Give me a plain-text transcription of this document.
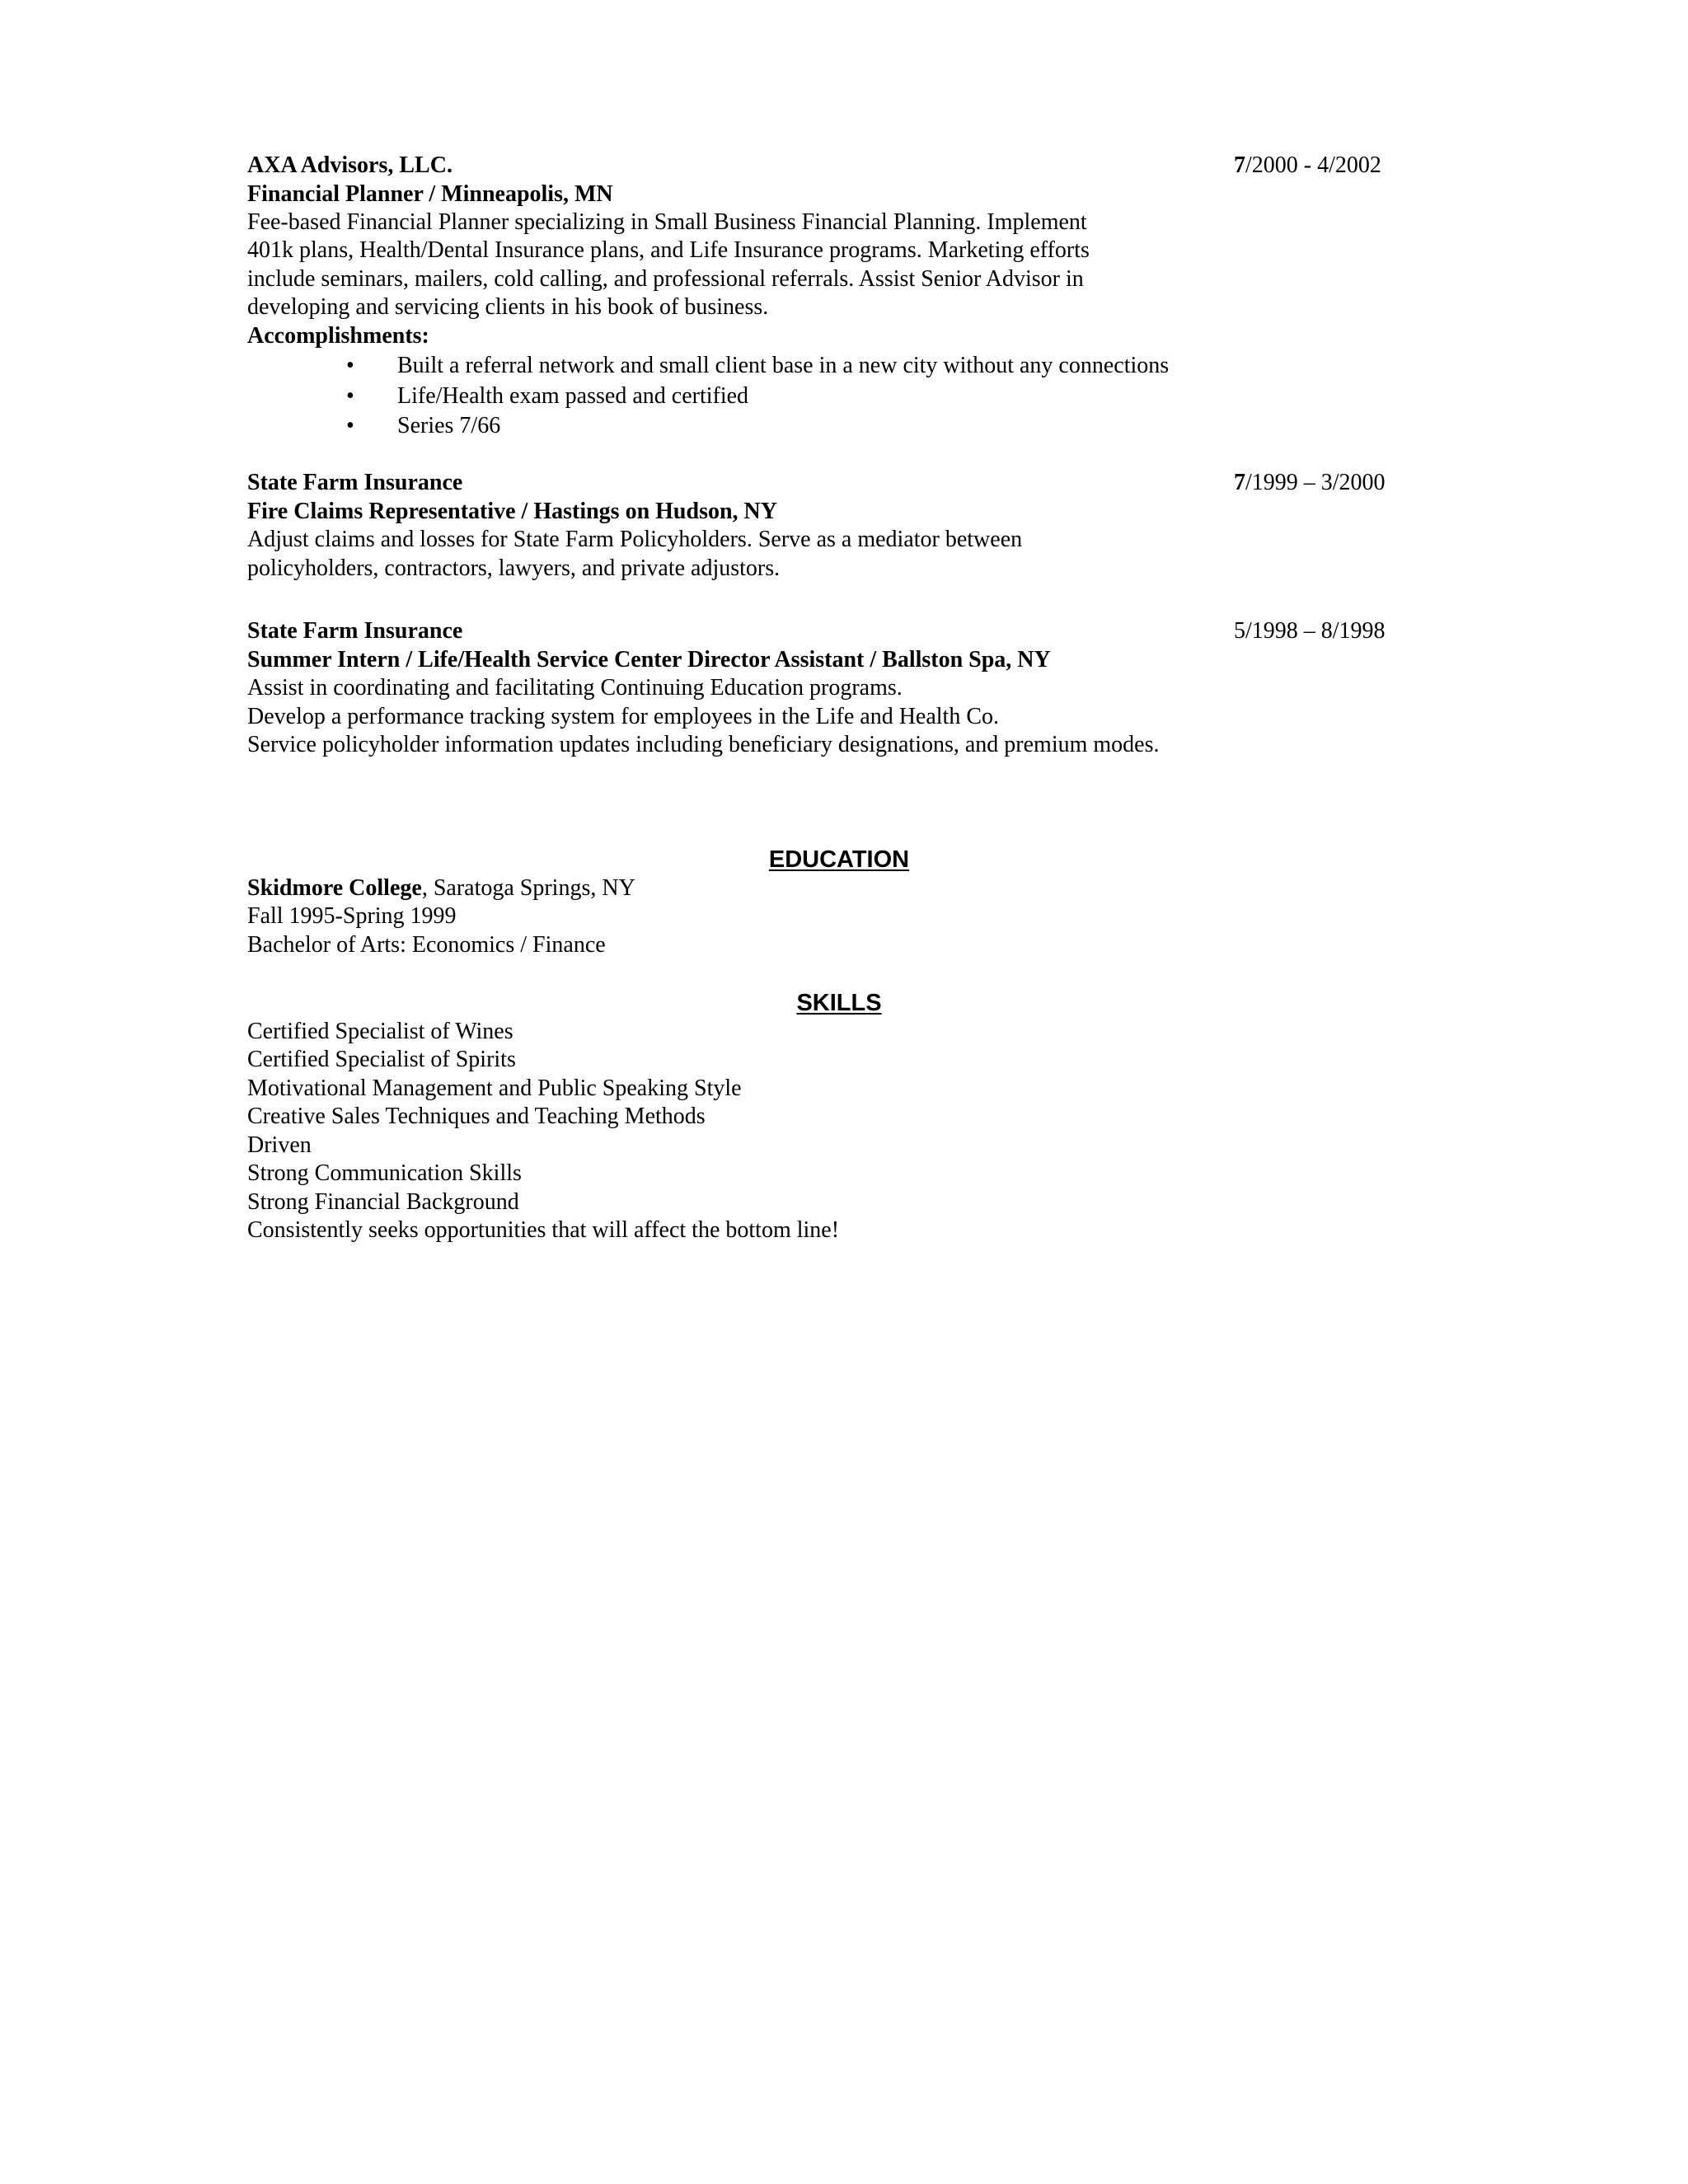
AXA Advisors, LLC.	7/2000 - 4/2002
Financial Planner / Minneapolis, MN
Fee-based Financial Planner specializing in Small Business Financial Planning. Implement
401k plans, Health/Dental Insurance plans, and Life Insurance programs. Marketing efforts
include seminars, mailers, cold calling, and professional referrals. Assist Senior Advisor in
developing and servicing clients in his book of business.
Accomplishments:
• Built a referral network and small client base in a new city without any connections
• Life/Health exam passed and certified
• Series 7/66
State Farm Insurance	7/1999 – 3/2000
Fire Claims Representative / Hastings on Hudson, NY
Adjust claims and losses for State Farm Policyholders. Serve as a mediator between
policyholders, contractors, lawyers, and private adjustors.
State Farm Insurance	5/1998 – 8/1998
Summer Intern / Life/Health Service Center Director Assistant / Ballston Spa, NY
Assist in coordinating and facilitating Continuing Education programs.
Develop a performance tracking system for employees in the Life and Health Co.
Service policyholder information updates including beneficiary designations, and premium modes.
EDUCATION
Skidmore College, Saratoga Springs, NY
Fall 1995-Spring 1999
Bachelor of Arts: Economics / Finance
SKILLS
Certified Specialist of Wines
Certified Specialist of Spirits
Motivational Management and Public Speaking Style
Creative Sales Techniques and Teaching Methods
Driven
Strong Communication Skills
Strong Financial Background
Consistently seeks opportunities that will affect the bottom line!
